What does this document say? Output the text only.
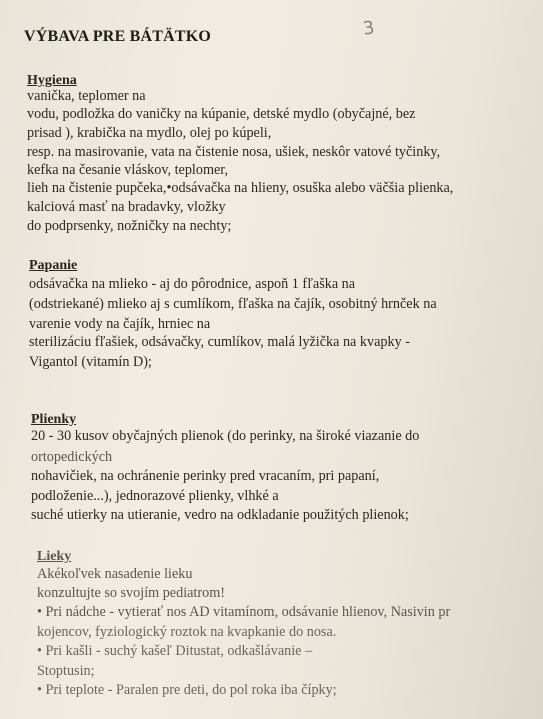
3
VÝBAVA PRE BÁTÄTKO
Hygiena
vanička, teplomer na
vodu, podložka do vaničky na kúpanie, detské mydlo (obyčajné, bez
prisad ), krabička na mydlo, olej po kúpeli,
resp. na masirovanie, vata na čistenie nosa, ušiek, neskôr vatové tyčinky,
kefka na česanie vláskov, teplomer,
lieh na čistenie pupčeka,•odsávačka na hlieny, osuška alebo väčšia plienka,
kalciová masť na bradavky, vložky
do podprsenky, nožničky na nechty;
Papanie
odsávačka na mlieko - aj do pôrodnice, aspoň 1 fľaška na
(odstriekané) mlieko aj s cumlíkom, fľaška na čajík, osobitný hrnček na
varenie vody na čajík, hrniec na
sterilizáciu fľašiek, odsávačky, cumlíkov, malá lyžička na kvapky -
Vigantol (vitamín D);
Plienky
20 - 30 kusov obyčajných plienok (do perinky, na široké viazanie do
ortopedických
nohavičiek, na ochránenie perinky pred vracaním, pri papaní,
podloženie...), jednorazové plienky, vlhké a
suché utierky na utieranie, vedro na odkladanie použitých plienok;
Lieky
Akékoľvek nasadenie lieku
konzultujte so svojím pediatrom!
• Pri nádche - vytierať nos AD vitamínom, odsávanie hlienov, Nasivin pr
kojencov, fyziologický roztok na kvapkanie do nosa.
• Pri kašli - suchý kašeľ Ditustat, odkašlávanie –
Stoptusin;
• Pri teplote - Paralen pre deti, do pol roka iba čípky;
